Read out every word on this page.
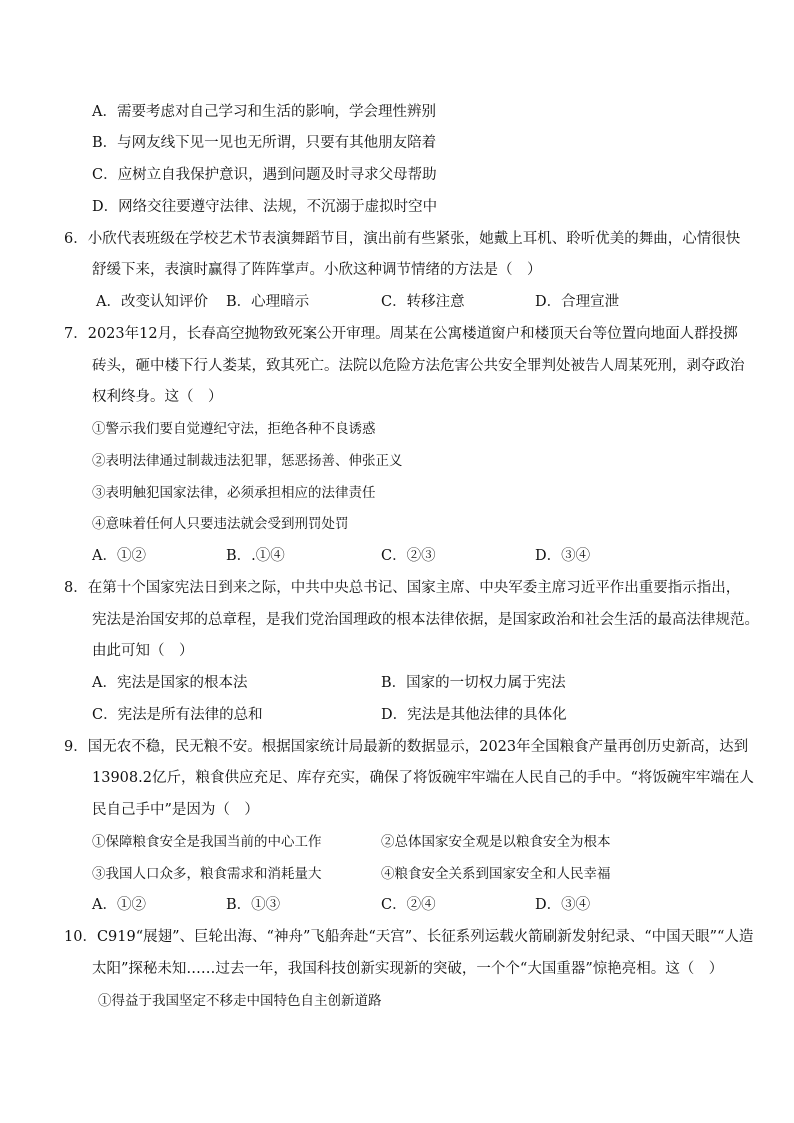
A．需要考虑对自己学习和生活的影响，学会理性辨别
B．与网友线下见一见也无所谓，只要有其他朋友陪着
C．应树立自我保护意识，遇到问题及时寻求父母帮助
D．网络交往要遵守法律、法规，不沉溺于虚拟时空中
6．小欣代表班级在学校艺术节表演舞蹈节目，演出前有些紧张，她戴上耳机、聆听优美的舞曲，心情很快
舒缓下来，表演时赢得了阵阵掌声。小欣这种调节情绪的方法是（　）
A．改变认知评价 B．心理暗示	C．转移注意	D．合理宣泄
7．2023年12月，长春高空抛物致死案公开审理。周某在公寓楼道窗户和楼顶天台等位置向地面人群投掷
砖头，砸中楼下行人娄某，致其死亡。法院以危险方法危害公共安全罪判处被告人周某死刑，剥夺政治
权利终身。这（　）
①警示我们要自觉遵纪守法，拒绝各种不良诱惑
②表明法律通过制裁违法犯罪，惩恶扬善、伸张正义
③表明触犯国家法律，必须承担相应的法律责任
④意味着任何人只要违法就会受到刑罚处罚
A．①②	B．.①④	C．②③	D．③④
8．在第十个国家宪法日到来之际，中共中央总书记、国家主席、中央军委主席习近平作出重要指示指出，
宪法是治国安邦的总章程，是我们党治国理政的根本法律依据，是国家政治和社会生活的最高法律规范。
由此可知（　）
A．宪法是国家的根本法	B．国家的一切权力属于宪法
C．宪法是所有法律的总和	D．宪法是其他法律的具体化
9．国无农不稳，民无粮不安。根据国家统计局最新的数据显示，2023年全国粮食产量再创历史新高，达到
13908.2亿斤，粮食供应充足、库存充实，确保了将饭碗牢牢端在人民自己的手中。“将饭碗牢牢端在人
民自己手中”是因为（　）
①保障粮食安全是我国当前的中心工作	②总体国家安全观是以粮食安全为根本
③我国人口众多，粮食需求和消耗量大	④粮食安全关系到国家安全和人民幸福
A．①②	B．①③	C．②④	D．③④
10．C919“展翅”、巨轮出海、“神舟”飞船奔赴“天宫”、长征系列运载火箭刷新发射纪录、“中国天眼”“人造
太阳”探秘未知……过去一年，我国科技创新实现新的突破，一个个“大国重器”惊艳亮相。这（　）
①得益于我国坚定不移走中国特色自主创新道路
